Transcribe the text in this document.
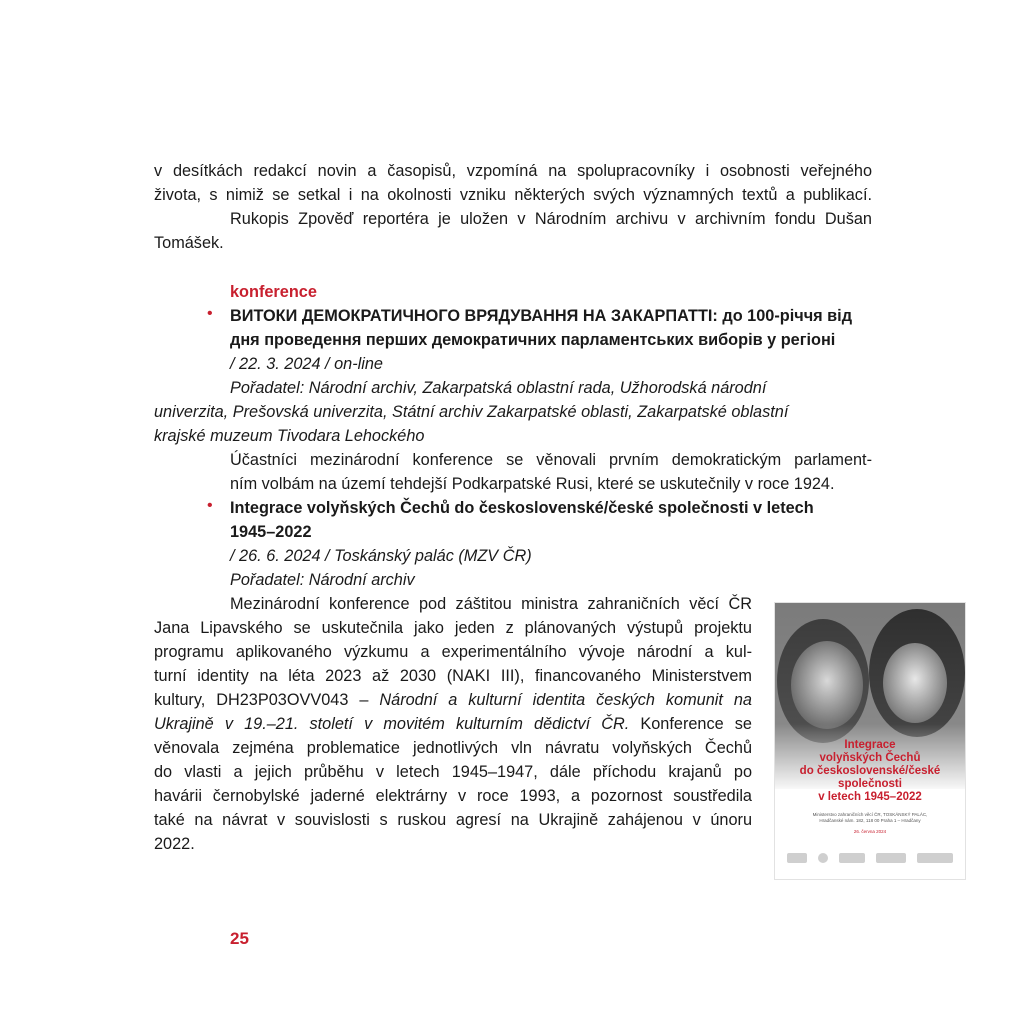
v desítkách redakcí novin a časopisů, vzpomíná na spolupracovníky i osobnosti veřejného
života, s nimiž se setkal i na okolnosti vzniku některých svých významných textů a publikací.
Rukopis Zpověď reportéra je uložen v Národním archivu v archivním fondu Dušan
Tomášek.
konference
• ВИТОКИ ДЕМОКРАТИЧНОГО ВРЯДУВАННЯ НА ЗАКАРПАТТІ: до 100-річчя від
дня проведення перших демократичних парламентських виборів у регіоні
/ 22. 3. 2024 / on-line
Pořadatel: Národní archiv, Zakarpatská oblastní rada, Užhorodská národní
univerzita, Prešovská univerzita, Státní archiv Zakarpatské oblasti, Zakarpatské oblastní
krajské muzeum Tivodara Lehockého
Účastníci mezinárodní konference se věnovali prvním demokratickým parlament-
ním volbám na území tehdejší Podkarpatské Rusi, které se uskutečnily v roce 1924.
• Integrace volyňských Čechů do československé/české společnosti v letech
1945–2022
/ 26. 6. 2024 / Toskánský palác (MZV ČR)
Pořadatel: Národní archiv
Mezinárodní konference pod záštitou ministra zahraničních věcí ČR
Jana Lipavského se uskutečnila jako jeden z plánovaných výstupů projektu
programu aplikovaného výzkumu a experimentálního vývoje národní a kul-
turní identity na léta 2023 až 2030 (NAKI III), financovaného Ministerstvem
kultury, DH23P03OVV043 – Národní a kulturní identita českých komunit na
Ukrajině v 19.–21. století v movitém kulturním dědictví ČR. Konference se
věnovala zejména problematice jednotlivých vln návratu volyňských Čechů
do vlasti a jejich průběhu v letech 1945–1947, dále příchodu krajanů po
havárii černobylské jaderné elektrárny v roce 1993, a pozornost soustředila
také na návrat v souvislosti s ruskou agresí na Ukrajině zahájenou v únoru
2022.
Integrace
volyňských Čechů
do československé/české
společnosti
v letech 1945–2022
Ministerstvo zahraničních věcí ČR, TOSKÁNSKÝ PALÁC,
Hradčanské nám. 182, 118 00 Praha 1 – Hradčany
26. června 2024
25
